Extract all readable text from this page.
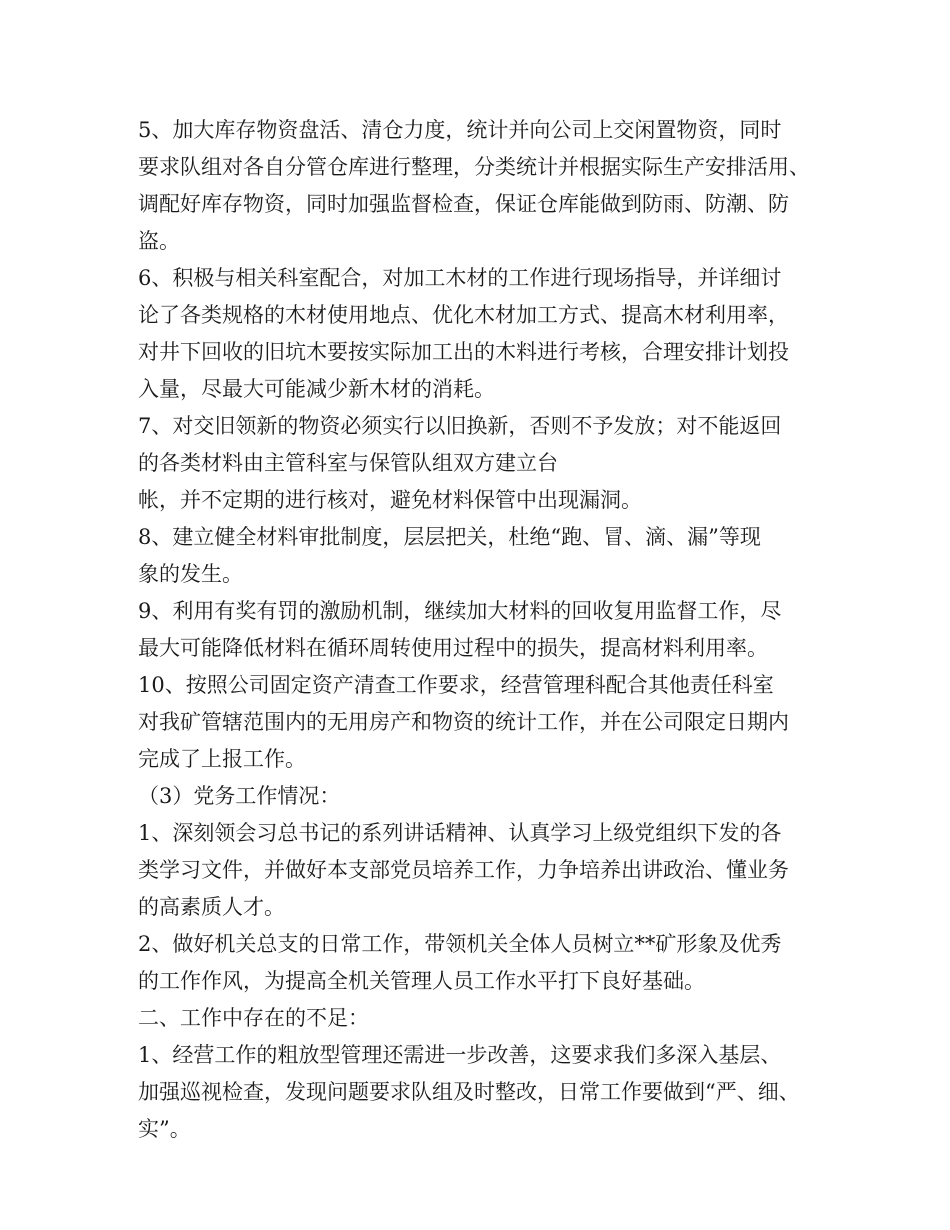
5、加大库存物资盘活、清仓力度，统计并向公司上交闲置物资，同时
要求队组对各自分管仓库进行整理，分类统计并根据实际生产安排活用、
调配好库存物资，同时加强监督检查，保证仓库能做到防雨、防潮、防
盗。
6、积极与相关科室配合，对加工木材的工作进行现场指导，并详细讨
论了各类规格的木材使用地点、优化木材加工方式、提高木材利用率，
对井下回收的旧坑木要按实际加工出的木料进行考核，合理安排计划投
入量，尽最大可能减少新木材的消耗。
7、对交旧领新的物资必须实行以旧换新，否则不予发放；对不能返回
的各类材料由主管科室与保管队组双方建立台
帐，并不定期的进行核对，避免材料保管中出现漏洞。
8、建立健全材料审批制度，层层把关，杜绝“跑、冒、滴、漏”等现
象的发生。
9、利用有奖有罚的激励机制，继续加大材料的回收复用监督工作，尽
最大可能降低材料在循环周转使用过程中的损失，提高材料利用率。
10、按照公司固定资产清查工作要求，经营管理科配合其他责任科室
对我矿管辖范围内的无用房产和物资的统计工作，并在公司限定日期内
完成了上报工作。
（3）党务工作情况：
1、深刻领会习总书记的系列讲话精神、认真学习上级党组织下发的各
类学习文件，并做好本支部党员培养工作，力争培养出讲政治、懂业务
的高素质人才。
2、做好机关总支的日常工作，带领机关全体人员树立**矿形象及优秀
的工作作风，为提高全机关管理人员工作水平打下良好基础。
二、工作中存在的不足：
1、经营工作的粗放型管理还需进一步改善，这要求我们多深入基层、
加强巡视检查，发现问题要求队组及时整改，日常工作要做到“严、细、
实”。
